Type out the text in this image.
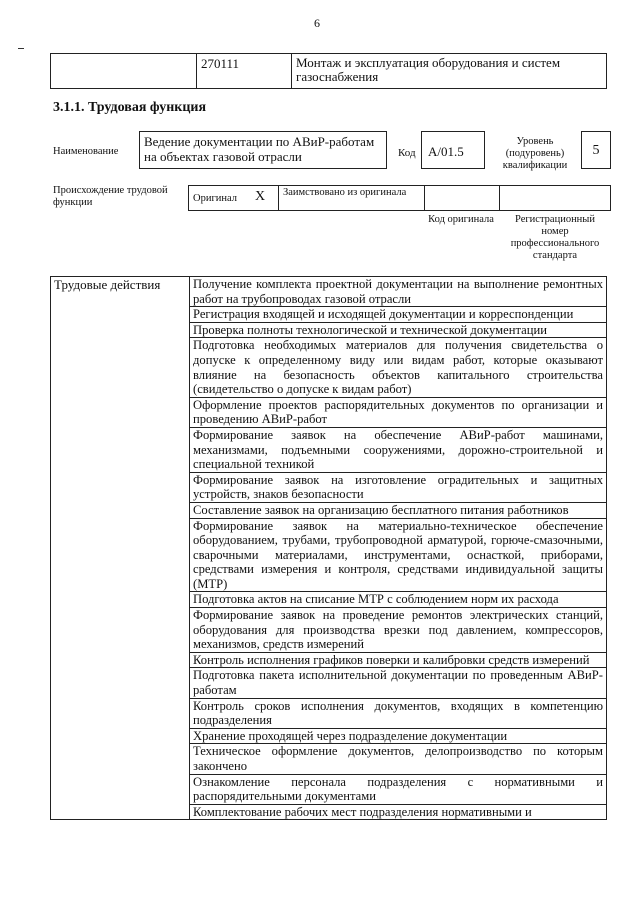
6
270111	Монтаж и эксплуатация оборудования и систем газоснабжения
3.1.1. Трудовая функция
Наименование
Ведение документации по АВиР-работам на объектах газовой отрасли	Код А/01.5
Уровень (подуровень) квалификации
5
Происхождение трудовой функции	Оригинал	X	Заимствовано из оригинала
Код оригинала	Регистрационный номер профессионального стандарта
Трудовые действия	Получение комплекта проектной документации на выполнение ремонтных работ на трубопроводах газовой отрасли
Регистрация входящей и исходящей документации и корреспонденции
Проверка полноты технологической и технической документации
Подготовка необходимых материалов для получения свидетельства о допуске к определенному виду или видам работ, которые оказывают влияние на безопасность объектов капитального строительства (свидетельство о допуске к видам работ)
Оформление проектов распорядительных документов по организации и проведению АВиР-работ
Формирование заявок на обеспечение АВиР-работ машинами, механизмами, подъемными сооружениями, дорожно-строительной и специальной техникой
Формирование заявок на изготовление оградительных и защитных устройств, знаков безопасности
Составление заявок на организацию бесплатного питания работников
Формирование заявок на материально-техническое обеспечение оборудованием, трубами, трубопроводной арматурой, горюче-смазочными, сварочными материалами, инструментами, оснасткой, приборами, средствами измерения и контроля, средствами индивидуальной защиты (МТР)
Подготовка актов на списание МТР с соблюдением норм их расхода
Формирование заявок на проведение ремонтов электрических станций, оборудования для производства врезки под давлением, компрессоров, механизмов, средств измерений
Контроль исполнения графиков поверки и калибровки средств измерений
Подготовка пакета исполнительной документации по проведенным АВиР-работам
Контроль сроков исполнения документов, входящих в компетенцию подразделения
Хранение проходящей через подразделение документации
Техническое оформление документов, делопроизводство по которым закончено
Ознакомление персонала подразделения с нормативными и распорядительными документами
Комплектование рабочих мест подразделения нормативными и
